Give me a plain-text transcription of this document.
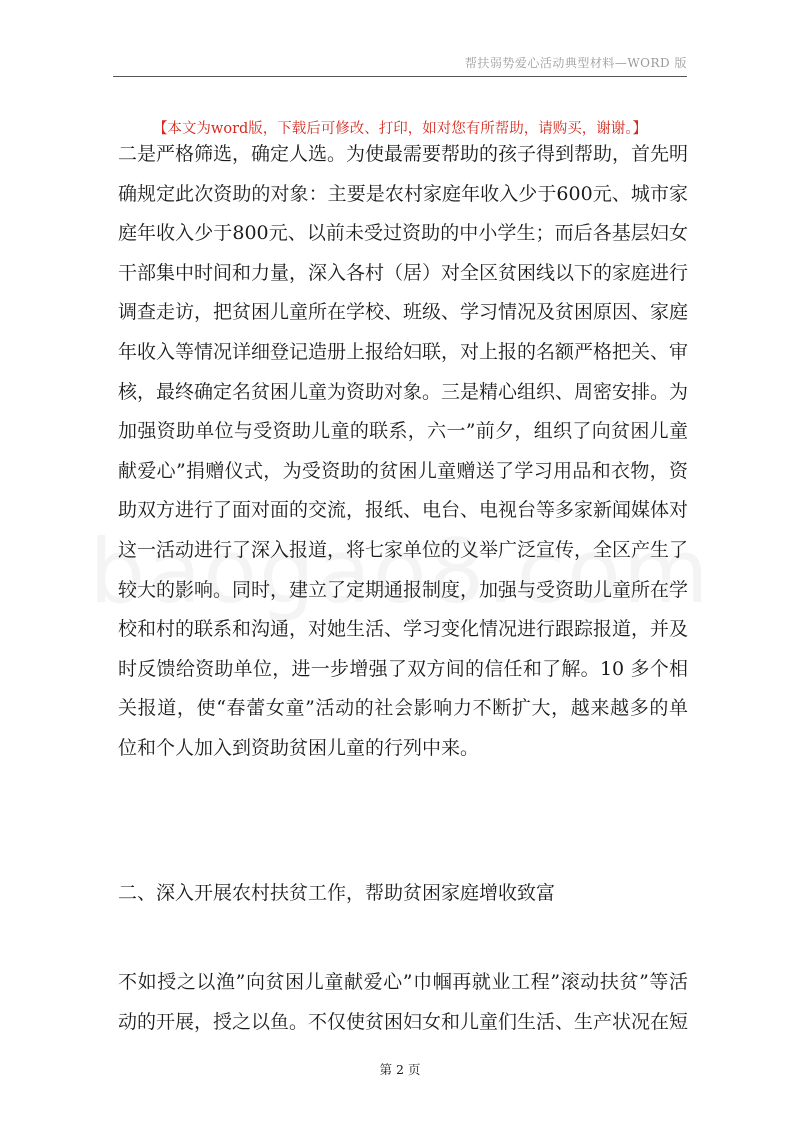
帮扶弱势爱心活动典型材料—WORD 版
【本文为word版，下载后可修改、打印，如对您有所帮助，请购买，谢谢。】

二是严格筛选，确定人选。为使最需要帮助的孩子得到帮助，首先明确规定此次资助的对象：主要是农村家庭年收入少于600元、城市家庭年收入少于800元、以前未受过资助的中小学生；而后各基层妇女干部集中时间和力量，深入各村（居）对全区贫困线以下的家庭进行调查走访，把贫困儿童所在学校、班级、学习情况及贫困原因、家庭年收入等情况详细登记造册上报给妇联，对上报的名额严格把关、审核，最终确定名贫困儿童为资助对象。三是精心组织、周密安排。为加强资助单位与受资助儿童的联系，六一”前夕，组织了向贫困儿童献爱心”捐赠仪式，为受资助的贫困儿童赠送了学习用品和衣物，资助双方进行了面对面的交流，报纸、电台、电视台等多家新闻媒体对这一活动进行了深入报道，将七家单位的义举广泛宣传，全区产生了较大的影响。同时，建立了定期通报制度，加强与受资助儿童所在学校和村的联系和沟通，对她生活、学习变化情况进行跟踪报道，并及时反馈给资助单位，进一步增强了双方间的信任和了解。10 多个相关报道，使“春蕾女童”活动的社会影响力不断扩大，越来越多的单位和个人加入到资助贫困儿童的行列中来。

二、深入开展农村扶贫工作，帮助贫困家庭增收致富

不如授之以渔”向贫困儿童献爱心”巾帼再就业工程”滚动扶贫”等活动的开展，授之以鱼。不仅使贫困妇女和儿童们生活、生产状况在短

第 2 页
